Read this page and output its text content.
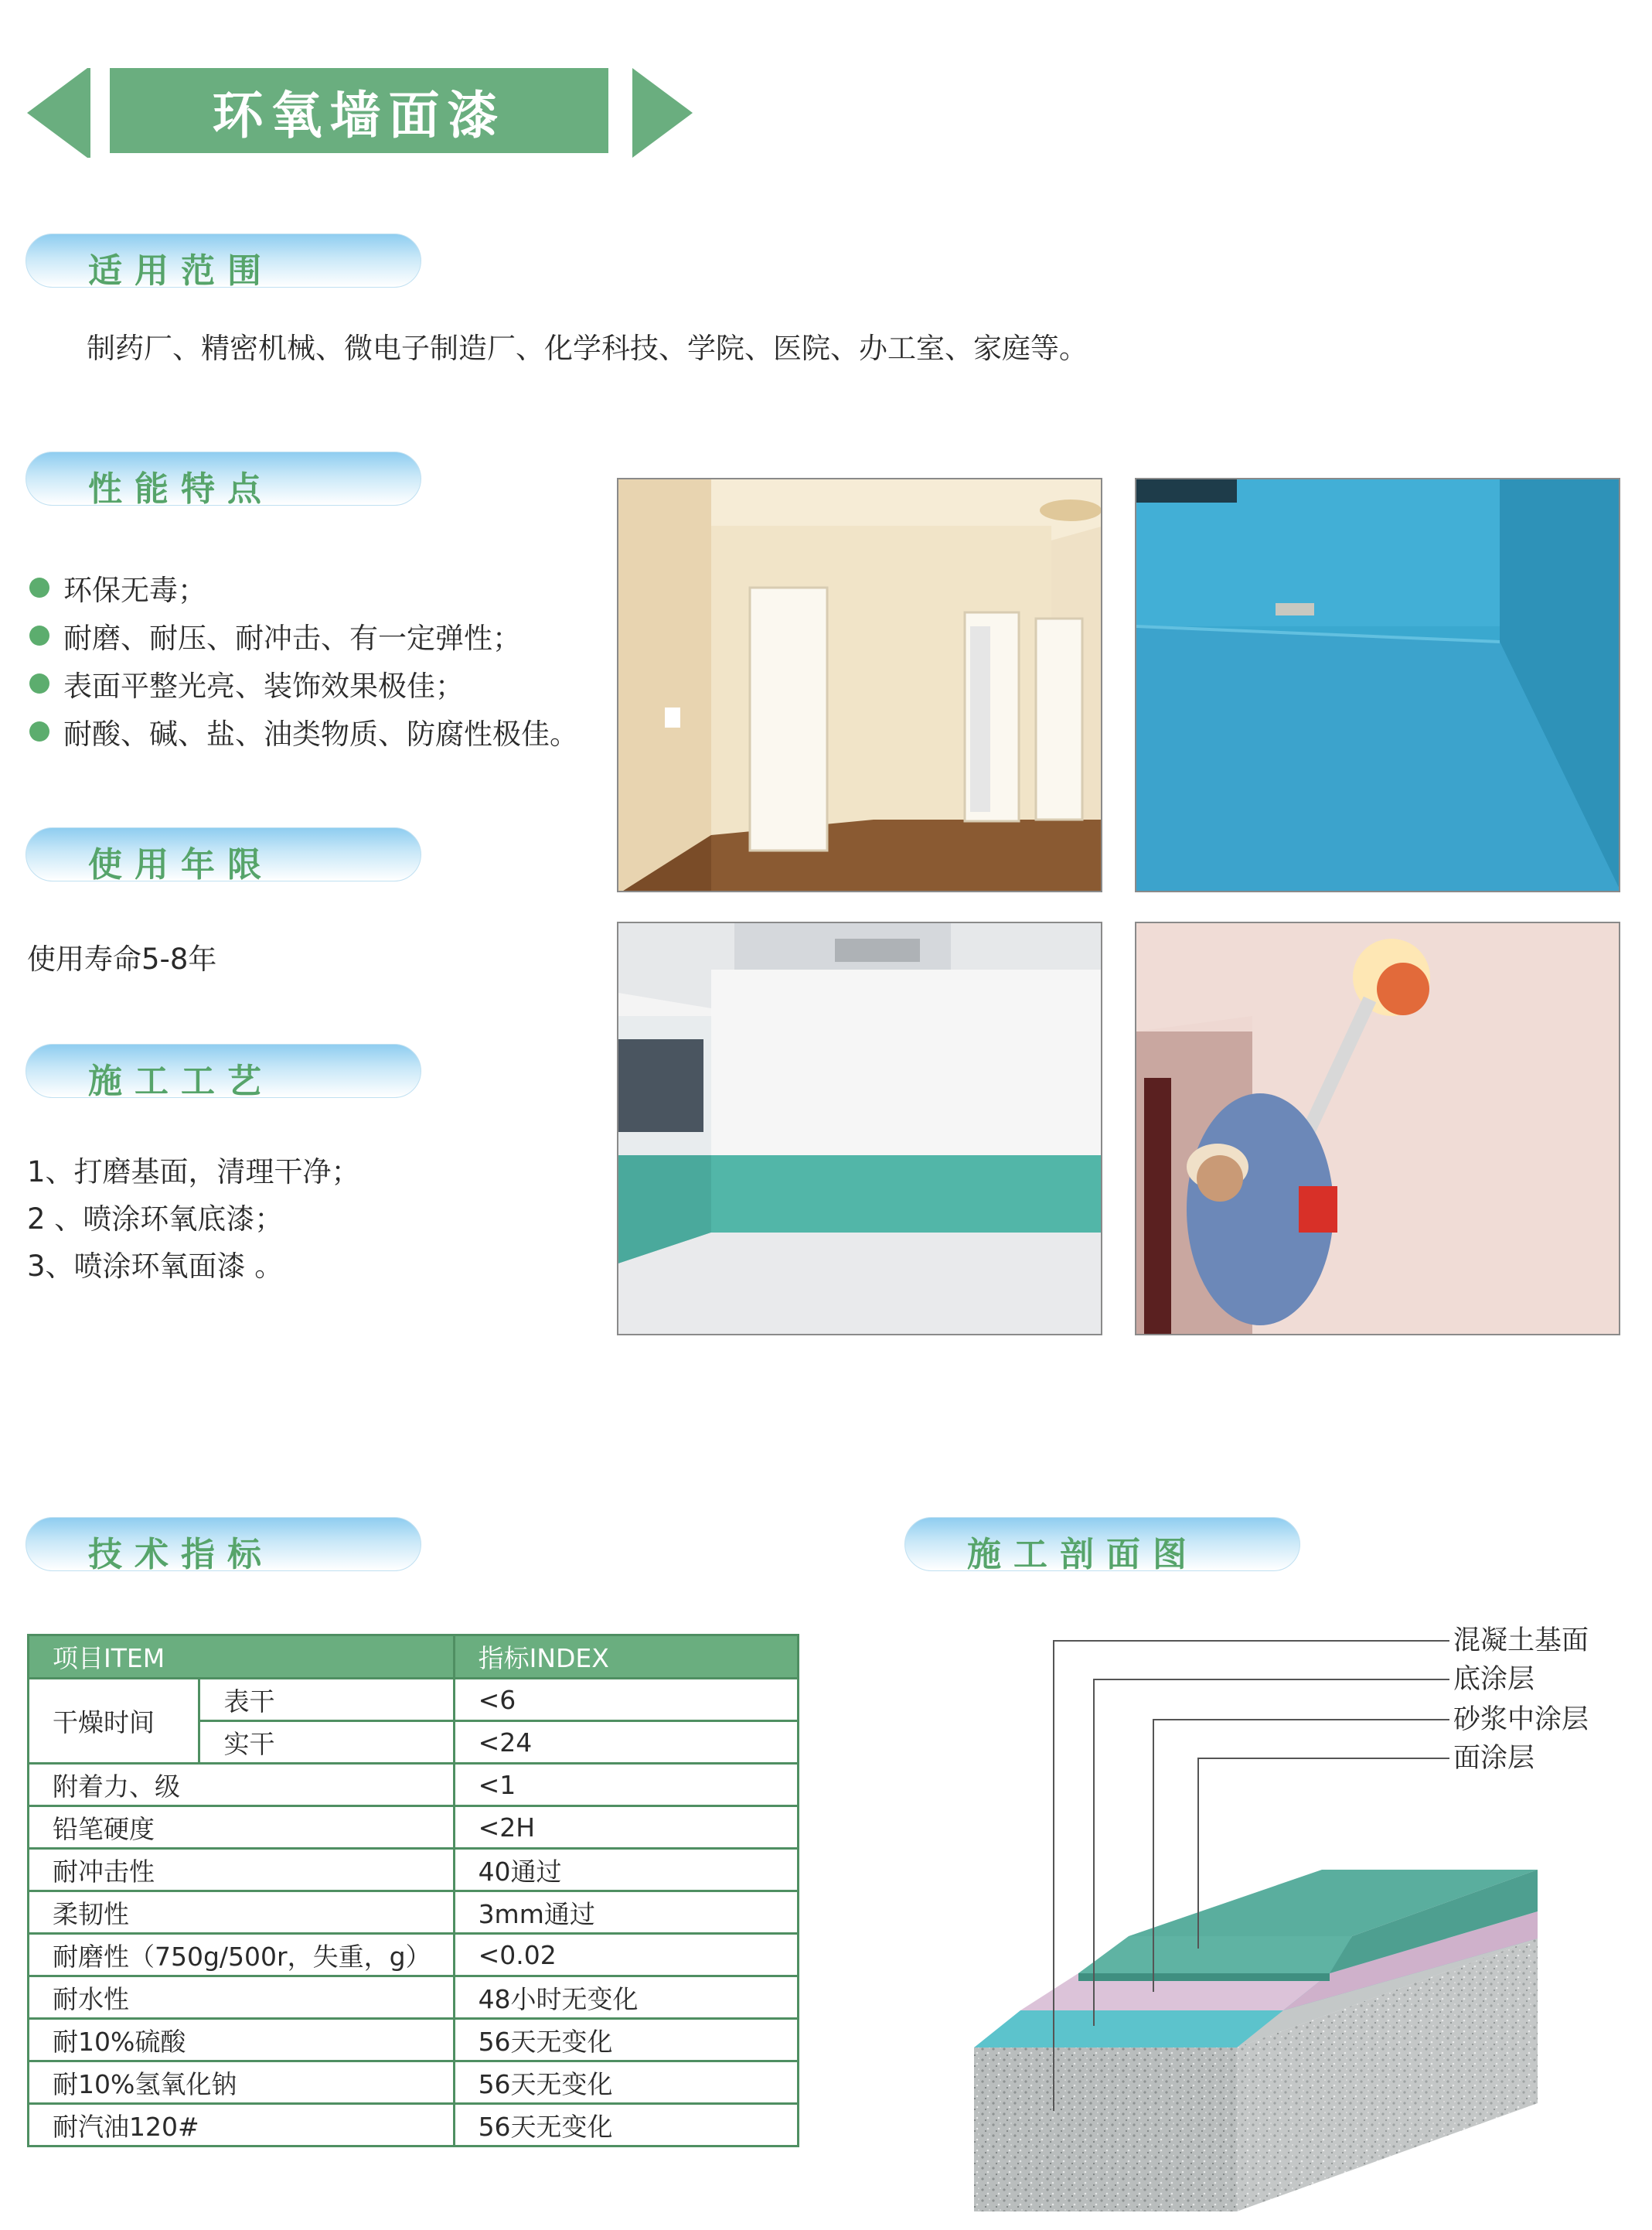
环氧墙面漆
适用范围
制药厂、精密机械、微电子制造厂、化学科技、学院、医院、办工室、家庭等。
性能特点
环保无毒；
耐磨、耐压、耐冲击、有一定弹性；
表面平整光亮、装饰效果极佳；
耐酸、碱、盐、油类物质、防腐性极佳。
使用年限
使用寿命5-8年
施工工艺
1、打磨基面，清理干净；
2 、喷涂环氧底漆；
3、喷涂环氧面漆 。
技术指标
项目ITEM		指标INDEX
干燥时间	表干	<6
	实干	<24
附着力、级		<1
铅笔硬度		<2H
耐冲击性		40通过
柔韧性		3mm通过
耐磨性（750g/500r，失重，g）		<0.02
耐水性		48小时无变化
耐10%硫酸		56天无变化
耐10%氢氧化钠		56天无变化
耐汽油120#		56天无变化
施工剖面图
混凝土基面
底涂层
砂浆中涂层
面涂层
